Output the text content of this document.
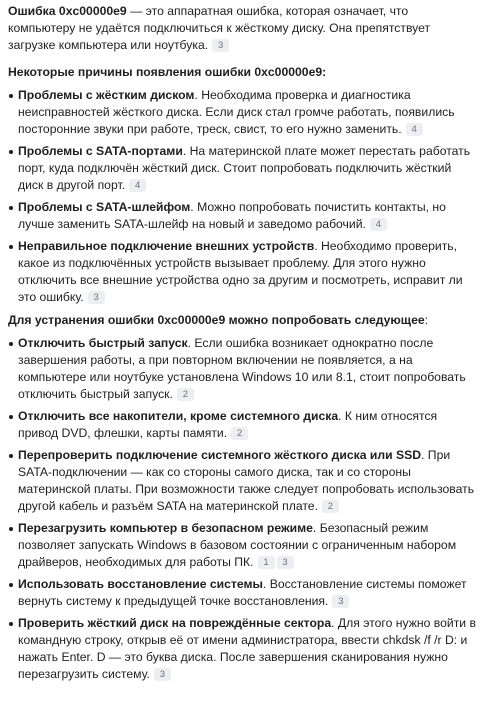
Ошибка 0xc00000e9 — это аппаратная ошибка, которая означает, что компьютеру не удаётся подключиться к жёсткому диску. Она препятствует загрузке компьютера или ноутбука. 3

Некоторые причины появления ошибки 0xc00000e9:

Проблемы с жёстким диском. Необходима проверка и диагностика неисправностей жёсткого диска. Если диск стал громче работать, появились посторонние звуки при работе, треск, свист, то его нужно заменить. 4
Проблемы с SATA-портами. На материнской плате может перестать работать порт, куда подключён жёсткий диск. Стоит попробовать подключить жёсткий диск в другой порт. 4
Проблемы с SATA-шлейфом. Можно попробовать почистить контакты, но лучше заменить SATA-шлейф на новый и заведомо рабочий. 4
Неправильное подключение внешних устройств. Необходимо проверить, какое из подключённых устройств вызывает проблему. Для этого нужно отключить все внешние устройства одно за другим и посмотреть, исправит ли это ошибку. 3

Для устранения ошибки 0xc00000e9 можно попробовать следующее:

Отключить быстрый запуск. Если ошибка возникает однократно после завершения работы, а при повторном включении не появляется, а на компьютере или ноутбуке установлена Windows 10 или 8.1, стоит попробовать отключить быстрый запуск. 2
Отключить все накопители, кроме системного диска. К ним относятся привод DVD, флешки, карты памяти. 2
Перепроверить подключение системного жёсткого диска или SSD. При SATA-подключении — как со стороны самого диска, так и со стороны материнской платы. При возможности также следует попробовать использовать другой кабель и разъём SATA на материнской плате. 2
Перезагрузить компьютер в безопасном режиме. Безопасный режим позволяет запускать Windows в базовом состоянии с ограниченным набором драйверов, необходимых для работы ПК. 1 3
Использовать восстановление системы. Восстановление системы поможет вернуть систему к предыдущей точке восстановления. 3
Проверить жёсткий диск на повреждённые сектора. Для этого нужно войти в командную строку, открыв её от имени администратора, ввести chkdsk /f /r D: и нажать Enter. D — это буква диска. После завершения сканирования нужно перезагрузить систему. 3
